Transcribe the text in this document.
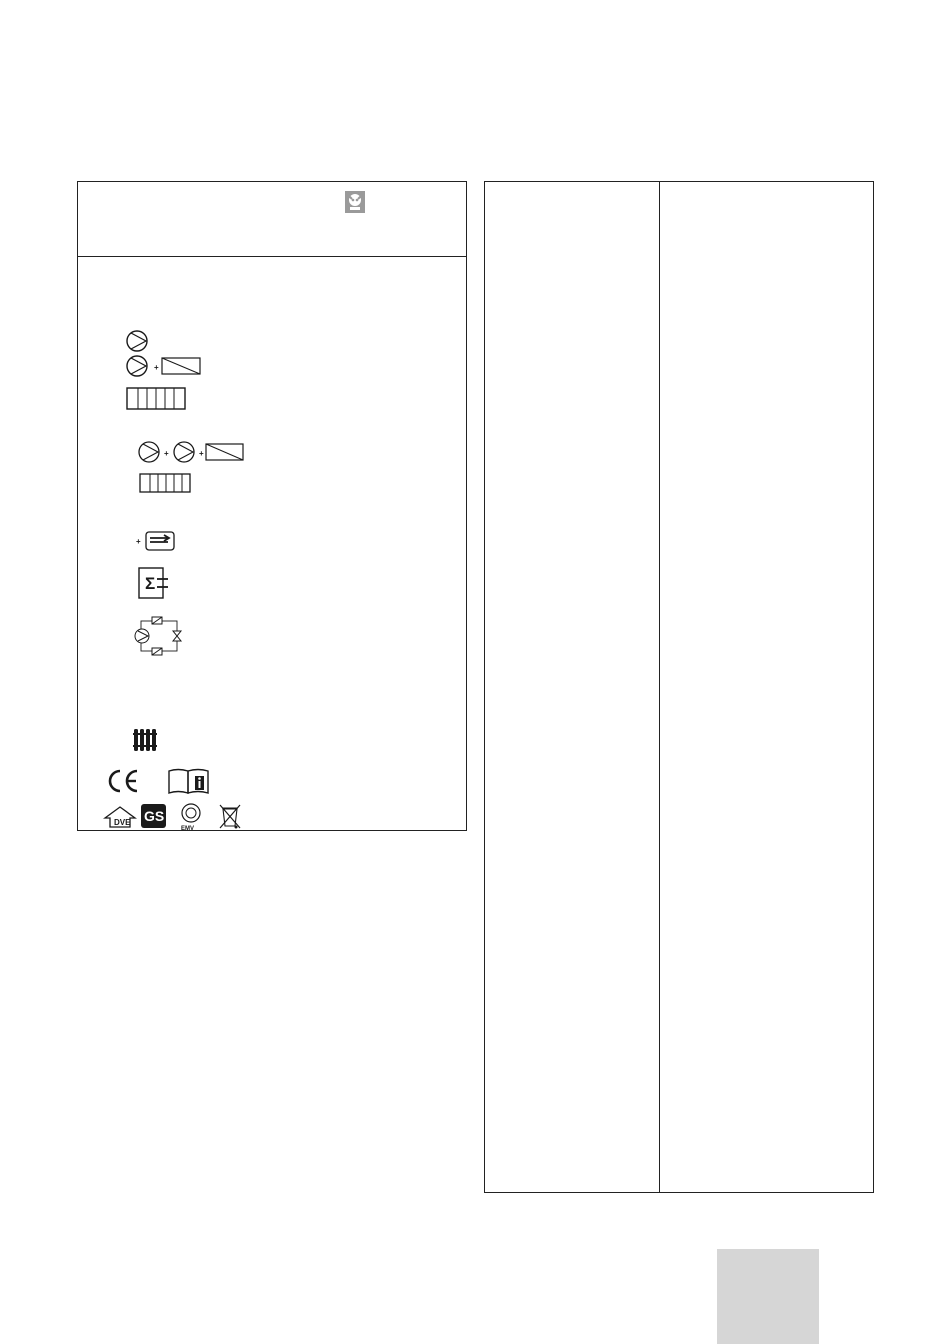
+
+	+
+
Σ
DVE GS
EMV
